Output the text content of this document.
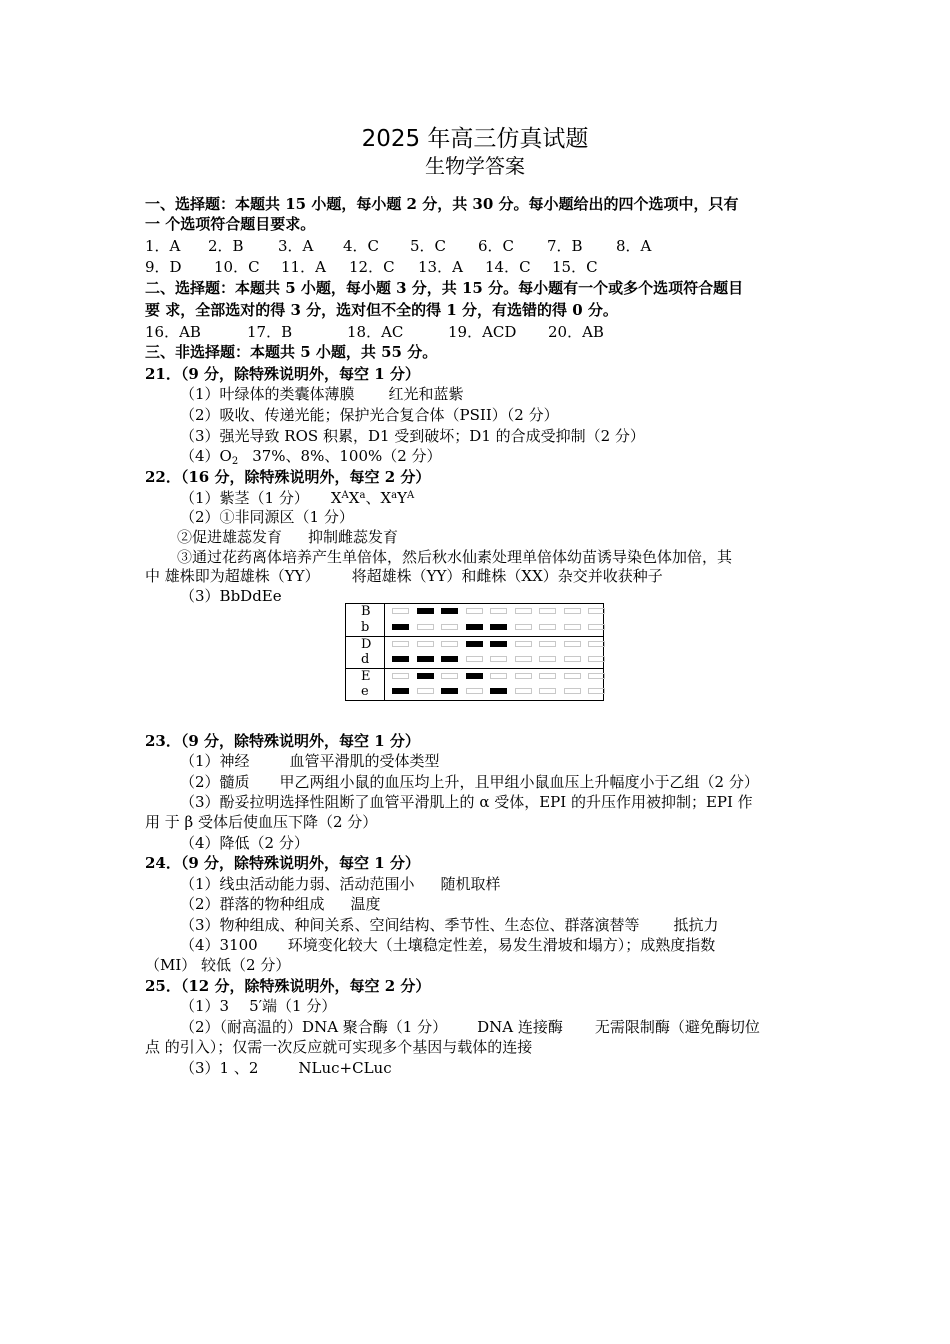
2025 年高三仿真试题
生物学答案
一、选择题：本题共 15 小题，每小题 2 分，共 30 分。每小题给出的四个选项中，只有
一 个选项符合题目要求。
1．A 2．B 3．A 4．C 5．C 6．C 7．B 8．A
9．D 10．C 11．A 12．C 13．A 14．C 15．C
二、选择题：本题共 5 小题，每小题 3 分，共 15 分。每小题有一个或多个选项符合题目
要 求，全部选对的得 3 分，选对但不全的得 1 分，有选错的得 0 分。
16．AB	17．B	18．AC	19．ACD 20．AB
三、非选择题：本题共 5 小题，共 55 分。
21．（9 分，除特殊说明外，每空 1 分）
（1）叶绿体的类囊体薄膜 红光和蓝紫
（2）吸收、传递光能；保护光合复合体（PSII）（2 分）
（3）强光导致 ROS 积累，D1 受到破坏；D1 的合成受抑制（2 分）
$(4)O_2$ 37%、8%、100%（2 分）
22．（16 分，除特殊说明外，每空 2 分）
（1）紫茎（1 分） $X^AX^a$、$X^aY^A$
（2）①非同源区（1 分）
②促进雄蕊发育 抑制雌蕊发育
③通过花药离体培养产生单倍体，然后秋水仙素处理单倍体幼苗诱导染色体加倍，其
中 雄株即为超雄株（YY） 将超雄株（YY）和雌株（XX）杂交并收获种子
（3）BbDdEe
B
b
D
d
E
e
23．（9 分，除特殊说明外，每空 1 分）
（1）神经	血管平滑肌的受体类型
（2）髓质 甲乙两组小鼠的血压均上升，且甲组小鼠血压上升幅度小于乙组（2 分）
（3）酚妥拉明选择性阻断了血管平滑肌上的 α 受体，EPI 的升压作用被抑制；EPI 作
用 于 β 受体后使血压下降（2 分）
（4）降低（2 分）
24．（9 分，除特殊说明外，每空 1 分）
（1）线虫活动能力弱、活动范围小 随机取样
（2）群落的物种组成 温度
（3）物种组成、种间关系、空间结构、季节性、生态位、群落演替等 抵抗力
（4）3100 环境变化较大（土壤稳定性差，易发生滑坡和塌方）；成熟度指数
（MI） 较低（2 分）
25．（12 分，除特殊说明外，每空 2 分）
（1）3 5′端（1 分）
（2）（耐高温的）DNA 聚合酶（1 分） DNA 连接酶 无需限制酶（避免酶切位
点 的引入）；仅需一次反应就可实现多个基因与载体的连接
（3）1 、2	NLuc+CLuc
